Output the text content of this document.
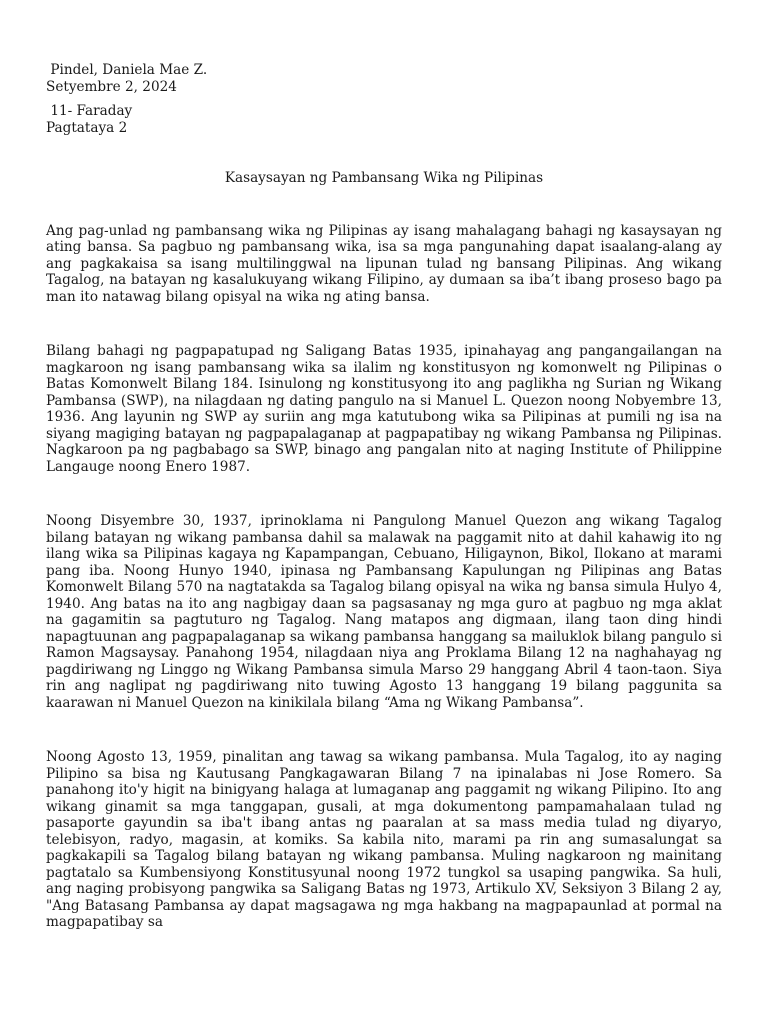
Pindel, Daniela Mae Z.

Setyembre 2, 2024

11- Faraday

Pagtataya 2

Kasaysayan ng Pambansang Wika ng Pilipinas

Ang pag-unlad ng pambansang wika ng Pilipinas ay isang mahalagang bahagi ng kasaysayan ng ating bansa. Sa pagbuo ng pambansang wika, isa sa mga pangunahing dapat isaalang-alang ay ang pagkakaisa sa isang multilinggwal na lipunan tulad ng bansang Pilipinas. Ang wikang Tagalog, na batayan ng kasalukuyang wikang Filipino, ay dumaan sa iba’t ibang proseso bago pa man ito natawag bilang opisyal na wika ng ating bansa.

Bilang bahagi ng pagpapatupad ng Saligang Batas 1935, ipinahayag ang pangangailangan na magkaroon ng isang pambansang wika sa ilalim ng konstitusyon ng komonwelt ng Pilipinas o Batas Komonwelt Bilang 184. Isinulong ng konstitusyong ito ang paglikha ng Surian ng Wikang Pambansa (SWP), na nilagdaan ng dating pangulo na si Manuel L. Quezon noong Nobyembre 13, 1936. Ang layunin ng SWP ay suriin ang mga katutubong wika sa Pilipinas at pumili ng isa na siyang magiging batayan ng pagpapalaganap at pagpapatibay ng wikang Pambansa ng Pilipinas. Nagkaroon pa ng pagbabago sa SWP, binago ang pangalan nito at naging Institute of Philippine Langauge noong Enero 1987.

Noong Disyembre 30, 1937, iprinoklama ni Pangulong Manuel Quezon ang wikang Tagalog bilang batayan ng wikang pambansa dahil sa malawak na paggamit nito at dahil kahawig ito ng ilang wika sa Pilipinas kagaya ng Kapampangan, Cebuano, Hiligaynon, Bikol, Ilokano at marami pang iba. Noong Hunyo 1940, ipinasa ng Pambansang Kapulungan ng Pilipinas ang Batas Komonwelt Bilang 570 na nagtatakda sa Tagalog bilang opisyal na wika ng bansa simula Hulyo 4, 1940. Ang batas na ito ang nagbigay daan sa pagsasanay ng mga guro at pagbuo ng mga aklat na gagamitin sa pagtuturo ng Tagalog. Nang matapos ang digmaan, ilang taon ding hindi napagtuunan ang pagpapalaganap sa wikang pambansa hanggang sa mailuklok bilang pangulo si Ramon Magsaysay. Panahong 1954, nilagdaan niya ang Proklama Bilang 12 na naghahayag ng pagdiriwang ng Linggo ng Wikang Pambansa simula Marso 29 hanggang Abril 4 taon-taon. Siya rin ang naglipat ng pagdiriwang nito tuwing Agosto 13 hanggang 19 bilang paggunita sa kaarawan ni Manuel Quezon na kinikilala bilang “Ama ng Wikang Pambansa”.

Noong Agosto 13, 1959, pinalitan ang tawag sa wikang pambansa. Mula Tagalog, ito ay naging Pilipino sa bisa ng Kautusang Pangkagawaran Bilang 7 na ipinalabas ni Jose Romero. Sa panahong ito'y higit na binigyang halaga at lumaganap ang paggamit ng wikang Pilipino. Ito ang wikang ginamit sa mga tanggapan, gusali, at mga dokumentong pampamahalaan tulad ng pasaporte gayundin sa iba't ibang antas ng paaralan at sa mass media tulad ng diyaryo, telebisyon, radyo, magasin, at komiks. Sa kabila nito, marami pa rin ang sumasalungat sa pagkakapili sa Tagalog bilang batayan ng wikang pambansa. Muling nagkaroon ng mainitang pagtatalo sa Kumbensiyong Konstitusyunal noong 1972 tungkol sa usaping pangwika. Sa huli, ang naging probisyong pangwika sa Saligang Batas ng 1973, Artikulo XV, Seksiyon 3 Bilang 2 ay, "Ang Batasang Pambansa ay dapat magsagawa ng mga hakbang na magpapaunlad at pormal na magpapatibay sa
